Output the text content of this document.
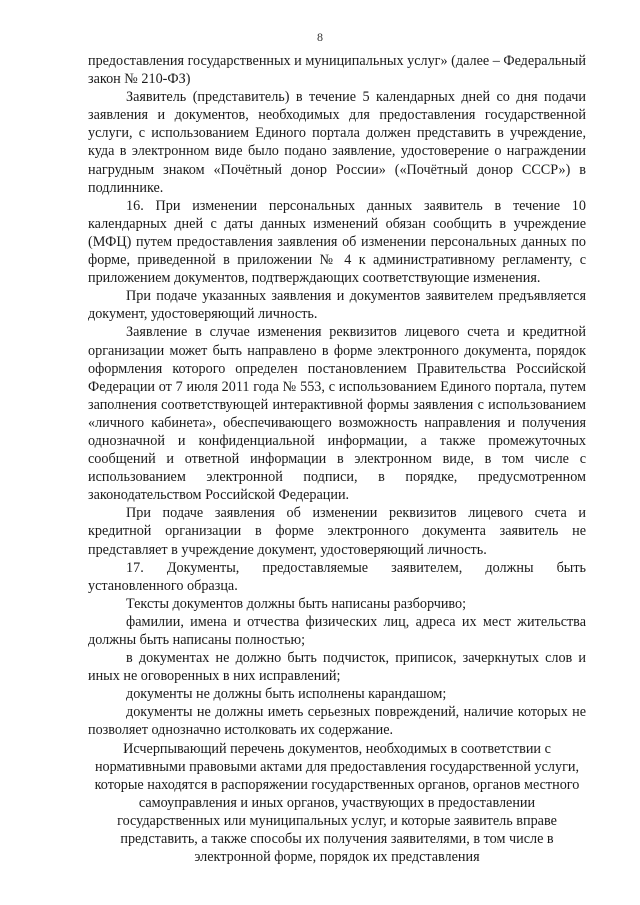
8

предоставления государственных и муниципальных услуг» (далее – Федеральный закон № 210-ФЗ)

Заявитель (представитель) в течение 5 календарных дней со дня подачи заявления и документов, необходимых для предоставления государственной услуги, с использованием Единого портала должен представить в учреждение, куда в электронном виде было подано заявление, удостоверение о награждении нагрудным знаком «Почётный донор России» («Почётный донор СССР») в подлиннике.

16. При изменении персональных данных заявитель в течение 10 календарных дней с даты данных изменений обязан сообщить в учреждение (МФЦ) путем предоставления заявления об изменении персональных данных по форме, приведенной в приложении № 4 к административному регламенту, с приложением документов, подтверждающих соответствующие изменения.

При подаче указанных заявления и документов заявителем предъявляется документ, удостоверяющий личность.

Заявление в случае изменения реквизитов лицевого счета и кредитной организации может быть направлено в форме электронного документа, порядок оформления которого определен постановлением Правительства Российской Федерации от 7 июля 2011 года № 553, с использованием Единого портала, путем заполнения соответствующей интерактивной формы заявления с использованием «личного кабинета», обеспечивающего возможность направления и получения однозначной и конфиденциальной информации, а также промежуточных сообщений и ответной информации в электронном виде, в том числе с использованием электронной подписи, в порядке, предусмотренном законодательством Российской Федерации.

При подаче заявления об изменении реквизитов лицевого счета и кредитной организации в форме электронного документа заявитель не представляет в учреждение документ, удостоверяющий личность.

17. Документы, предоставляемые заявителем, должны быть установленного образца.

Тексты документов должны быть написаны разборчиво;

фамилии, имена и отчества физических лиц, адреса их мест жительства должны быть написаны полностью;

в документах не должно быть подчисток, приписок, зачеркнутых слов и иных не оговоренных в них исправлений;

документы не должны быть исполнены карандашом;

документы не должны иметь серьезных повреждений, наличие которых не позволяет однозначно истолковать их содержание.

Исчерпывающий перечень документов, необходимых в соответствии с нормативными правовыми актами для предоставления государственной услуги, которые находятся в распоряжении государственных органов, органов местного самоуправления и иных органов, участвующих в предоставлении государственных или муниципальных услуг, и которые заявитель вправе представить, а также способы их получения заявителями, в том числе в электронной форме, порядок их представления
